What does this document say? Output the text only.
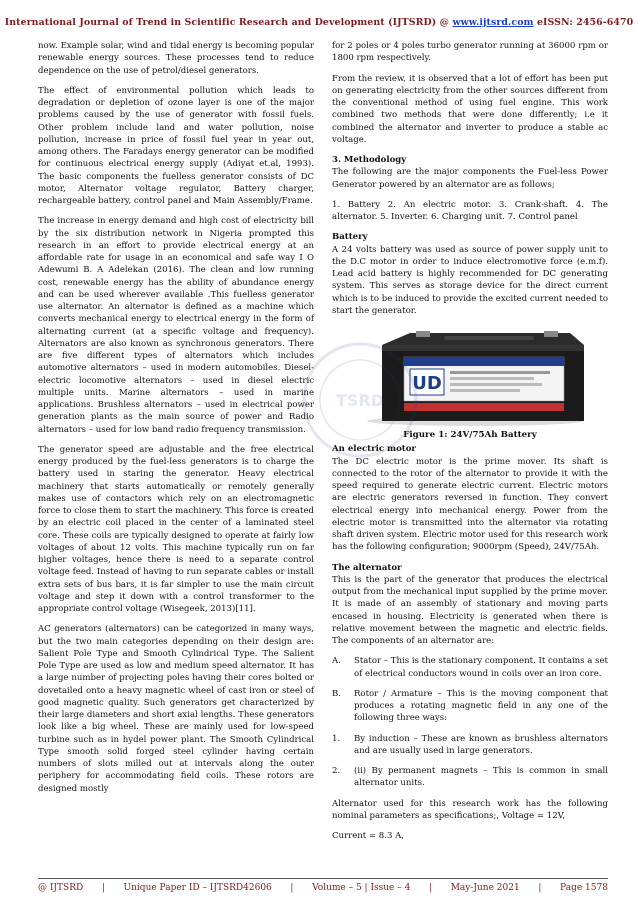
International Journal of Trend in Scientific Research and Development (IJTSRD) @ www.ijtsrd.com eISSN: 2456-6470

now. Example solar, wind and tidal energy is becoming popular renewable energy sources. These processes tend to reduce dependence on the use of petrol/diesel generators.

The effect of environmental pollution which leads to degradation or depletion of ozone layer is one of the major problems caused by the use of generator with fossil fuels. Other problem include land and water pollution, noise pollution, increase in price of fossil fuel year in year out, among others. The Faradays energy generator can be modified for continuous electrical energy supply (Adiyat et.al, 1993). The basic components the fuelless generator consists of DC motor, Alternator voltage regulator, Battery charger, rechargeable battery, control panel and Main Assembly/Frame.

The increase in energy demand and high cost of electricity bill by the six distribution network in Nigeria prompted this research in an effort to provide electrical energy at an affordable rate for usage in an economical and safe way I O Adewumi B. A Adelekan (2016). The clean and low running cost, renewable energy has the ability of abundance energy and can be used wherever available .This fuelless generator use alternator. An alternator is defined as a machine which converts mechanical energy to electrical energy in the form of alternating current (at a specific voltage and frequency). Alternators are also known as synchronous generators. There are five different types of alternators which includes automotive alternators – used in modern automobiles. Diesel-electric locomotive alternators – used in diesel electric multiple units. Marine alternators – used in marine applications. Brushless alternators – used in electrical power generation plants as the main source of power and Radio alternators – used for low band radio frequency transmission.

The generator speed are adjustable and the free electrical energy produced by the fuel-less generators is to charge the battery used in staring the generator. Heavy electrical machinery that starts automatically or remotely generally makes use of contactors which rely on an electromagnetic force to close them to start the machinery. This force is created by an electric coil placed in the center of a laminated steel core. These coils are typically designed to operate at fairly low voltages of about 12 volts. This machine typically run on far higher voltages, hence there is need to a separate control voltage feed. Instead of having to run separate cables or install extra sets of bus bars, it is far simpler to use the main circuit voltage and step it down with a control transformer to the appropriate control voltage (Wisegeek, 2013)[11].

AC generators (alternators) can be categorized in many ways, but the two main categories depending on their design are: Salient Pole Type and Smooth Cylindrical Type. The Salient Pole Type are used as low and medium speed alternator. It has a large number of projecting poles having their cores bolted or dovetailed onto a heavy magnetic wheel of cast iron or steel of good magnetic quality. Such generators get characterized by their large diameters and short axial lengths. These generators look like a big wheel. These are mainly used for low-speed turbine such as in hydel power plant. The Smooth Cylindrical Type smooth solid forged steel cylinder having certain numbers of slots milled out at intervals along the outer periphery for accommodating field coils. These rotors are designed mostly

for 2 poles or 4 poles turbo generator running at 36000 rpm or 1800 rpm respectively.

From the review, it is observed that a lot of effort has been put on generating electricity from the other sources different from the conventional method of using fuel engine. This work combined two methods that were done differently; i.e it combined the alternator and inverter to produce a stable ac voltage.

3. Methodology

The following are the major components the Fuel-less Power Generator powered by an alternator are as follows;

1. Battery 2. An electric motor. 3. Crank-shaft. 4. The alternator. 5. Inverter. 6. Charging unit. 7. Control panel

Battery

A 24 volts battery was used as source of power supply unit to the D.C motor in order to induce electromotive force (e.m.f). Lead acid battery is highly recommended for DC generating system. This serves as storage device for the direct current which is to be induced to provide the excited current needed to start the generator.

UD
Figure 1: 24V/75Ah Battery
An electric motor

The DC electric motor is the prime mover. Its shaft is connected to the rotor of the alternator to provide it with the speed required to generate electric current. Electric motors are electric generators reversed in function. They convert electrical energy into mechanical energy. Power from the electric motor is transmitted into the alternator via rotating shaft driven system. Electric motor used for this research work has the following configuration; 9000rpm (Speed), 24V/75Ah.

The alternator

This is the part of the generator that produces the electrical output from the mechanical input supplied by the prime mover. It is made of an assembly of stationary and moving parts encased in housing. Electricity is generated when there is relative movement between the magnetic and electric fields. The components of an alternator are:

A.	Stator – This is the stationary component. It contains a set of electrical conductors wound in coils over an iron core.
B.	Rotor / Armature – This is the moving component that produces a rotating magnetic field in any one of the following three ways:
1.	By induction – These are known as brushless alternators and are usually used in large generators.
2.	(ii) By permanent magnets – This is common in small alternator units.

Alternator used for this research work has the following nominal parameters as specifications;, Voltage = 12V,

Current = 8.3 A,

@ IJTSRD | Unique Paper ID – IJTSRD42606 | Volume – 5 | Issue – 4 | May-June 2021 | Page 1578
